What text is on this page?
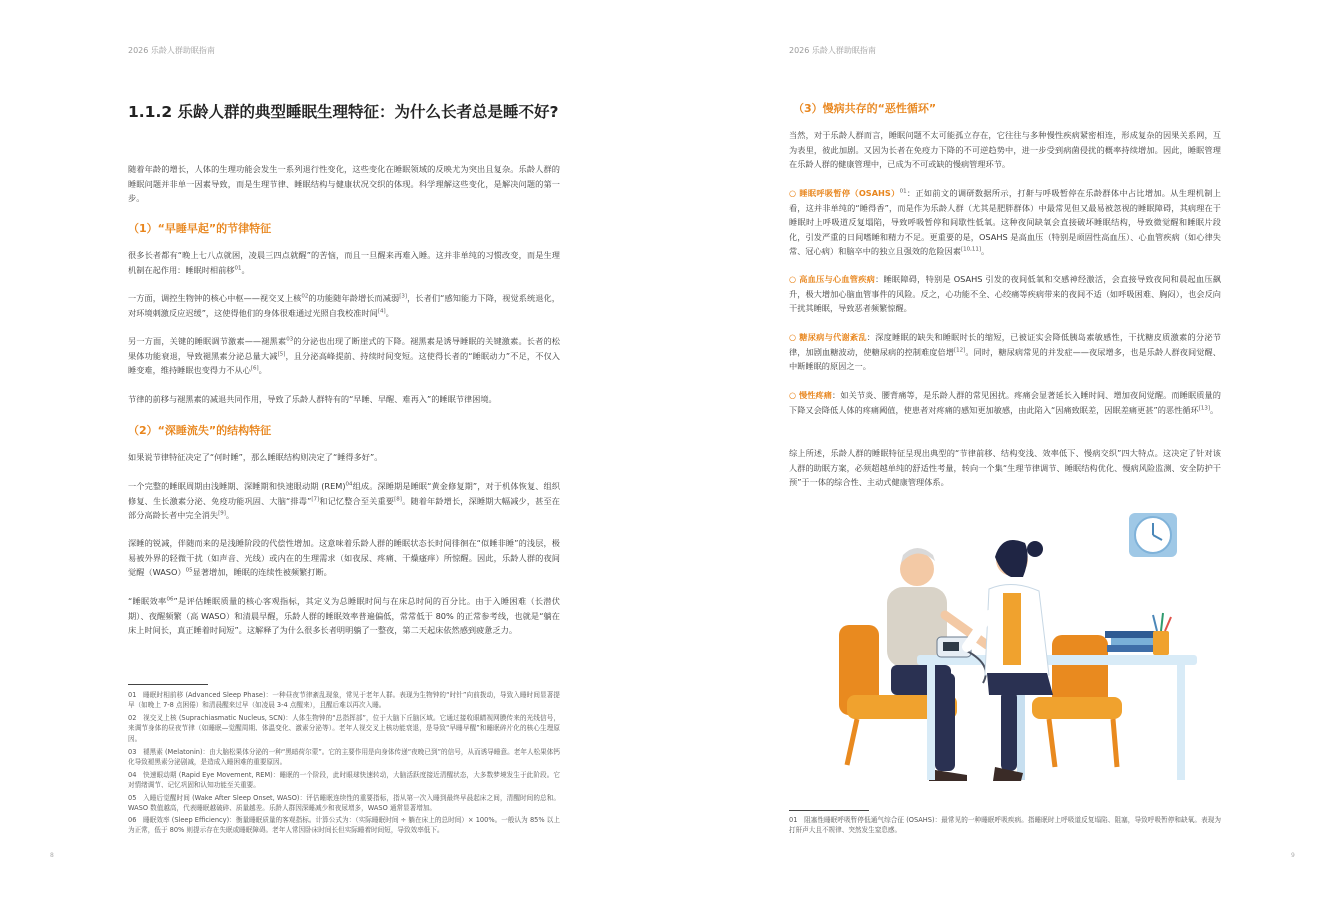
2026 乐龄人群助眠指南
1.1.2 乐龄人群的典型睡眠生理特征：为什么长者总是睡不好?

随着年龄的增长，人体的生理功能会发生一系列退行性变化，这些变化在睡眠领域的反映尤为突出且复杂。乐龄人群的睡眠问题并非单一因素导致，而是生理节律、睡眠结构与健康状况交织的体现。科学理解这些变化，是解决问题的第一步。

（1）“早睡早起”的节律特征

很多长者都有“晚上七八点就困，凌晨三四点就醒”的苦恼，而且一旦醒来再难入睡。这并非单纯的习惯改变，而是生理机制在起作用：睡眠时相前移$^{01}$。

一方面，调控生物钟的核心中枢——视交叉上核$^{02}$的功能随年龄增长而减弱[3]，长者们“感知能力下降，视觉系统退化，对环境刺激反应迟缓”，这使得他们的身体很难通过光照自我校准时间[4]。

另一方面，关键的睡眠调节激素——褪黑素$^{03}$的分泌也出现了断崖式的下降。褪黑素是诱导睡眠的关键激素。长者的松果体功能衰退，导致褪黑素分泌总量大减[5]，且分泌高峰提前、持续时间变短。这使得长者的“睡眠动力”不足，不仅入睡变难，维持睡眠也变得力不从心[6]。

节律的前移与褪黑素的减退共同作用，导致了乐龄人群特有的“早睡、早醒、难再入”的睡眠节律困境。

（2）“深睡流失”的结构特征

如果说节律特征决定了“何时睡”，那么睡眠结构则决定了“睡得多好”。

一个完整的睡眠周期由浅睡期、深睡期和快速眼动期 (REM)$^{04}$组成。深睡期是睡眠“黄金修复期”，对于机体恢复、组织修复、生长激素分泌、免疫功能巩固、大脑“排毒”[7]和记忆整合至关重要[8]。随着年龄增长，深睡期大幅减少，甚至在部分高龄长者中完全消失[9]。

深睡的锐减，伴随而来的是浅睡阶段的代偿性增加。这意味着乐龄人群的睡眠状态长时间徘徊在“似睡非睡”的浅层，极易被外界的轻微干扰（如声音、光线）或内在的生理需求（如夜尿、疼痛、干燥瘙痒）所惊醒。因此，乐龄人群的夜间觉醒（WASO）$^{05}$显著增加，睡眠的连续性被频繁打断。

“睡眠效率$^{06}$”是评估睡眠质量的核心客观指标，其定义为总睡眠时间与在床总时间的百分比。由于入睡困难（长潜伏期）、夜醒频繁（高 WASO）和清晨早醒，乐龄人群的睡眠效率普遍偏低，常常低于 80% 的正常参考线，也就是“躺在床上时间长，真正睡着时间短”。这解释了为什么很多长者明明躺了一整夜，第二天起床依然感到疲惫乏力。

01　睡眠时相前移 (Advanced Sleep Phase)：一种昼夜节律紊乱现象，常见于老年人群。表现为生物钟的“时针”向前拨动，导致入睡时间显著提早（如晚上 7-8 点困倦）和清晨醒来过早（如凌晨 3-4 点醒来），且醒后难以再次入睡。

02　视交叉上核 (Suprachiasmatic Nucleus, SCN)：人体生物钟的“总指挥部”，位于大脑下丘脑区域。它通过接收眼睛视网膜传来的光线信号，来调节身体的昼夜节律（如睡眠—觉醒周期、体温变化、激素分泌等）。老年人视交叉上核功能衰退，是导致“早睡早醒”和睡眠碎片化的核心生理原因。

03　褪黑素 (Melatonin)：由大脑松果体分泌的一种“黑暗荷尔蒙”。它的主要作用是向身体传递“夜晚已到”的信号，从而诱导睡意。老年人松果体钙化导致褪黑素分泌剧减，是造成入睡困难的重要原因。

04　快速眼动期 (Rapid Eye Movement, REM)：睡眠的一个阶段，此时眼球快速转动，大脑活跃度接近清醒状态，大多数梦境发生于此阶段。它对情绪调节、记忆巩固和认知功能至关重要。

05　入睡后觉醒时间 (Wake After Sleep Onset, WASO)：评估睡眠连续性的重要指标，指从第一次入睡到最终早晨起床之间，清醒时间的总和。WASO 数值越高，代表睡眠越破碎、质量越差。乐龄人群因深睡减少和夜尿增多，WASO 通常显著增加。

06　睡眠效率 (Sleep Efficiency)：衡量睡眠质量的客观指标。计算公式为：（实际睡眠时间 ÷ 躺在床上的总时间）× 100%。一般认为 85% 以上为正常，低于 80% 则提示存在失眠或睡眠障碍。老年人常因卧床时间长但实际睡着时间短，导致效率低下。

8
2026 乐龄人群助眠指南
（3）慢病共存的“恶性循环”

当然，对于乐龄人群而言，睡眠问题不太可能孤立存在，它往往与多种慢性疾病紧密相连，形成复杂的因果关系网，互为表里，彼此加剧。又因为长者在免疫力下降的不可逆趋势中，进一步受到病菌侵扰的概率持续增加。因此，睡眠管理在乐龄人群的健康管理中，已成为不可或缺的慢病管理环节。

○ 睡眠呼吸暂停（OSAHS）$^{01}$：正如前文的调研数据所示，打鼾与呼吸暂停在乐龄群体中占比增加。从生理机制上看，这并非单纯的“睡得香”，而是作为乐龄人群（尤其是肥胖群体）中最常见但又最易被忽视的睡眠障碍，其病理在于睡眠时上呼吸道反复塌陷，导致呼吸暂停和间歇性低氧。这种夜间缺氧会直接破坏睡眠结构，导致微觉醒和睡眠片段化，引发严重的日间嗜睡和精力不足。更重要的是，OSAHS 是高血压（特别是顽固性高血压）、心血管疾病（如心律失常、冠心病）和脑卒中的独立且强效的危险因素[10,11]。

○ 高血压与心血管疾病：睡眠障碍，特别是 OSAHS 引发的夜间低氧和交感神经激活，会直接导致夜间和晨起血压飙升，极大增加心脑血管事件的风险。反之，心功能不全、心绞痛等疾病带来的夜间不适（如呼吸困难、胸闷），也会反向干扰其睡眠，导致恶者频繁惊醒。

○ 糖尿病与代谢紊乱：深度睡眠的缺失和睡眠时长的缩短，已被证实会降低胰岛素敏感性，干扰糖皮质激素的分泌节律，加剧血糖波动，使糖尿病的控制难度倍增[12]。同时，糖尿病常见的并发症——夜尿增多，也是乐龄人群夜间觉醒、中断睡眠的原因之一。

○ 慢性疼痛：如关节炎、腰背痛等，是乐龄人群的常见困扰。疼痛会显著延长入睡时间、增加夜间觉醒。而睡眠质量的下降又会降低人体的疼痛阈值，使患者对疼痛的感知更加敏感，由此陷入“因痛致眠差，因眠差痛更甚”的恶性循环[13]。

综上所述，乐龄人群的睡眠特征呈现出典型的“节律前移、结构变浅、效率低下、慢病交织”四大特点。这决定了针对该人群的助眠方案，必须超越单纯的舒适性考量，转向一个集“生理节律调节、睡眠结构优化、慢病风险监测、安全防护干预”于一体的综合性、主动式健康管理体系。

01　阻塞性睡眠呼吸暂停低通气综合征 (OSAHS)：最常见的一种睡眠呼吸疾病。指睡眠时上呼吸道反复塌陷、阻塞，导致呼吸暂停和缺氧。表现为打鼾声大且不规律、突然发生窒息感。

9
